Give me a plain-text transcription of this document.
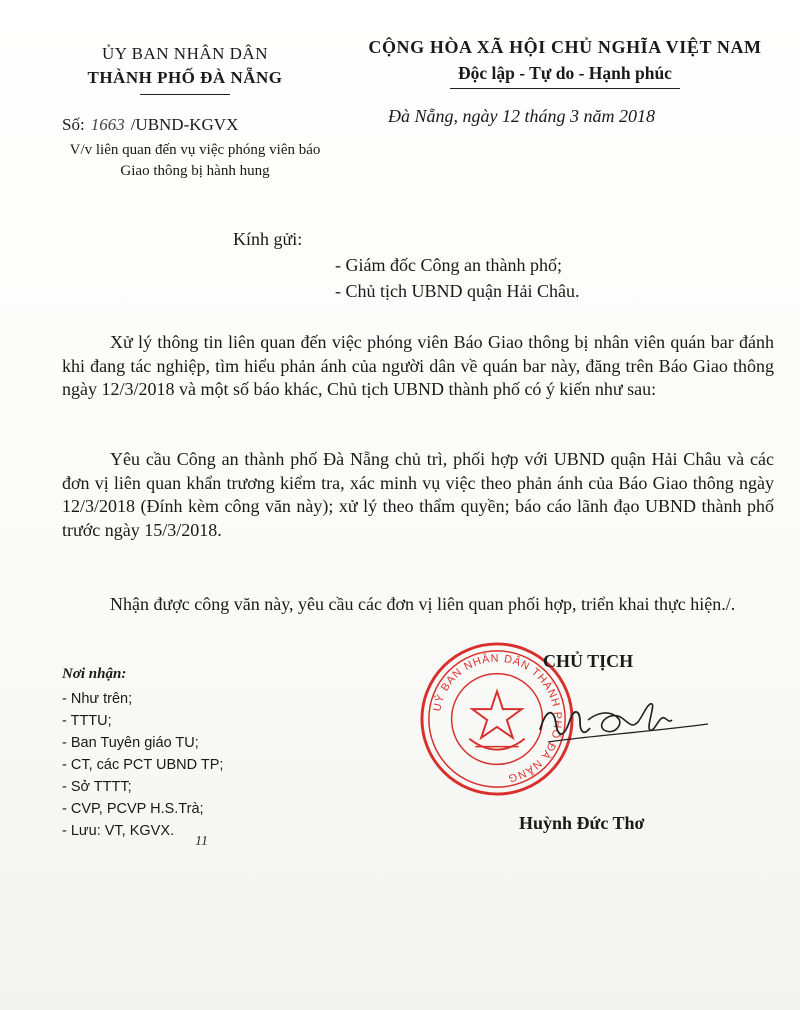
ỦY BAN NHÂN DÂN
THÀNH PHỐ ĐÀ NẴNG
CỘNG HÒA XÃ HỘI CHỦ NGHĨA VIỆT NAM
Độc lập - Tự do - Hạnh phúc
Số: 1663 /UBND-KGVX
V/v liên quan đến vụ việc phóng viên báo Giao thông bị hành hung
Đà Nẵng, ngày 12 tháng 3 năm 2018
Kính gửi:
- Giám đốc Công an thành phố;
- Chủ tịch UBND quận Hải Châu.

Xử lý thông tin liên quan đến việc phóng viên Báo Giao thông bị nhân viên quán bar đánh khi đang tác nghiệp, tìm hiểu phản ánh của người dân về quán bar này, đăng trên Báo Giao thông ngày 12/3/2018 và một số báo khác, Chủ tịch UBND thành phố có ý kiến như sau:

Yêu cầu Công an thành phố Đà Nẵng chủ trì, phối hợp với UBND quận Hải Châu và các đơn vị liên quan khẩn trương kiểm tra, xác minh vụ việc theo phản ánh của Báo Giao thông ngày 12/3/2018 (Đính kèm công văn này); xử lý theo thẩm quyền; báo cáo lãnh đạo UBND thành phố trước ngày 15/3/2018.

Nhận được công văn này, yêu cầu các đơn vị liên quan phối hợp, triển khai thực hiện./.

UỶ BAN NHÂN DÂN THÀNH PHỐ ĐÀ NẴNG
CHỦ TỊCH
Huỳnh Đức Thơ
Nơi nhận:
- Như trên;
- TTTU;
- Ban Tuyên giáo TU;
- CT, các PCT UBND TP;
- Sở TTTT;
- CVP, PCVP H.S.Trà;
- Lưu: VT, KGVX.
11
